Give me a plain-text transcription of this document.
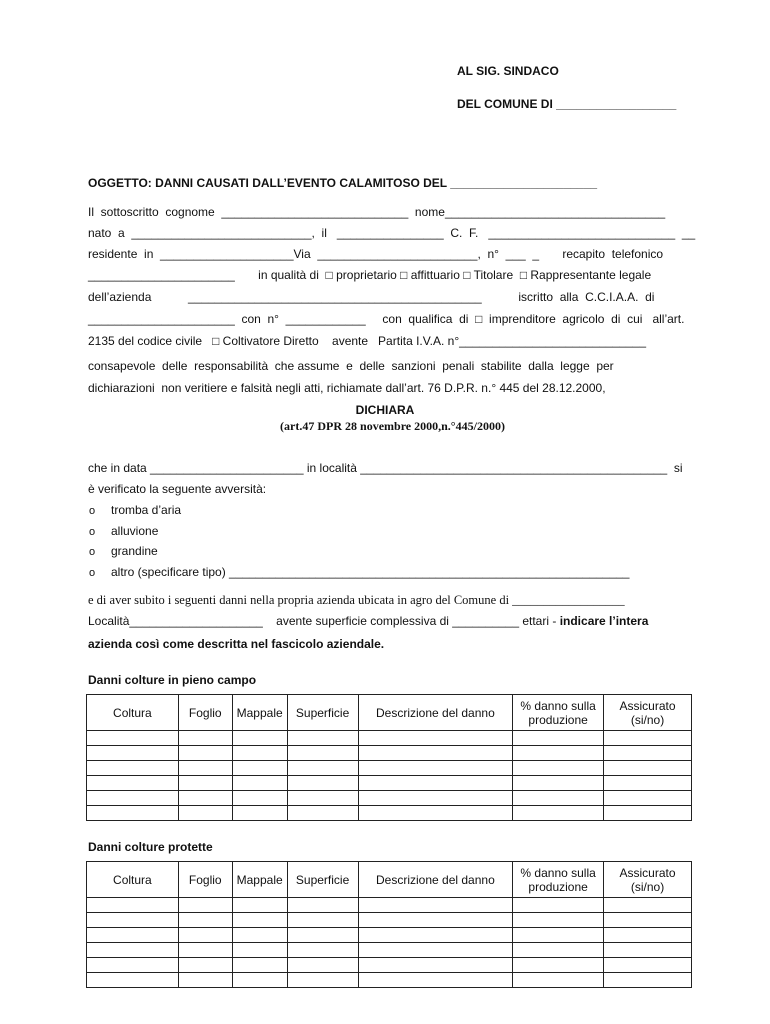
AL SIG. SINDACO
DEL COMUNE DI __________________
OGGETTO: DANNI CAUSATI DALL’EVENTO CALAMITOSO DEL ______________________
Il  sottoscritto  cognome  ____________________________  nome_________________________________
nato  a  ___________________________,  il   ________________  C.  F.   ____________________________  __
residente  in  ____________________Via  ________________________,  n°  ___  _       recapito  telefonico
______________________       in qualità di  □ proprietario □ affittuario □ Titolare  □ Rappresentante legale
dell’azienda           ____________________________________________           iscritto  alla  C.C.I.A.A.  di
______________________  con  n°  ____________     con  qualifica  di  □  imprenditore  agricolo  di  cui   all’art.
2135 del codice civile   □ Coltivatore Diretto    avente   Partita I.V.A. n°____________________________
consapevole  delle  responsabilità  che assume  e  delle  sanzioni  penali  stabilite  dalla  legge  per
dichiarazioni  non veritiere e falsità negli atti, richiamate dall’art. 76 D.P.R. n.° 445 del 28.12.2000,
DICHIARA
(art.47 DPR 28 novembre 2000,n.°445/2000)
che in data _______________________ in località ______________________________________________  si
è verificato la seguente avversità:
o tromba d’aria
o alluvione
o grandine
o altro (specificare tipo) ____________________________________________________________
e di aver subito i seguenti danni nella propria azienda ubicata in agro del Comune di __________________
Località____________________    avente superficie complessiva di __________ ettari - indicare l’intera
azienda così come descritta nel fascicolo aziendale.
Danni colture in pieno campo
Coltura	Foglio	Mappale	Superficie	Descrizione del danno	% danno sulla produzione	Assicurato (si/no)

Danni colture protette
Coltura	Foglio	Mappale	Superficie	Descrizione del danno	% danno sulla produzione	Assicurato (si/no)
